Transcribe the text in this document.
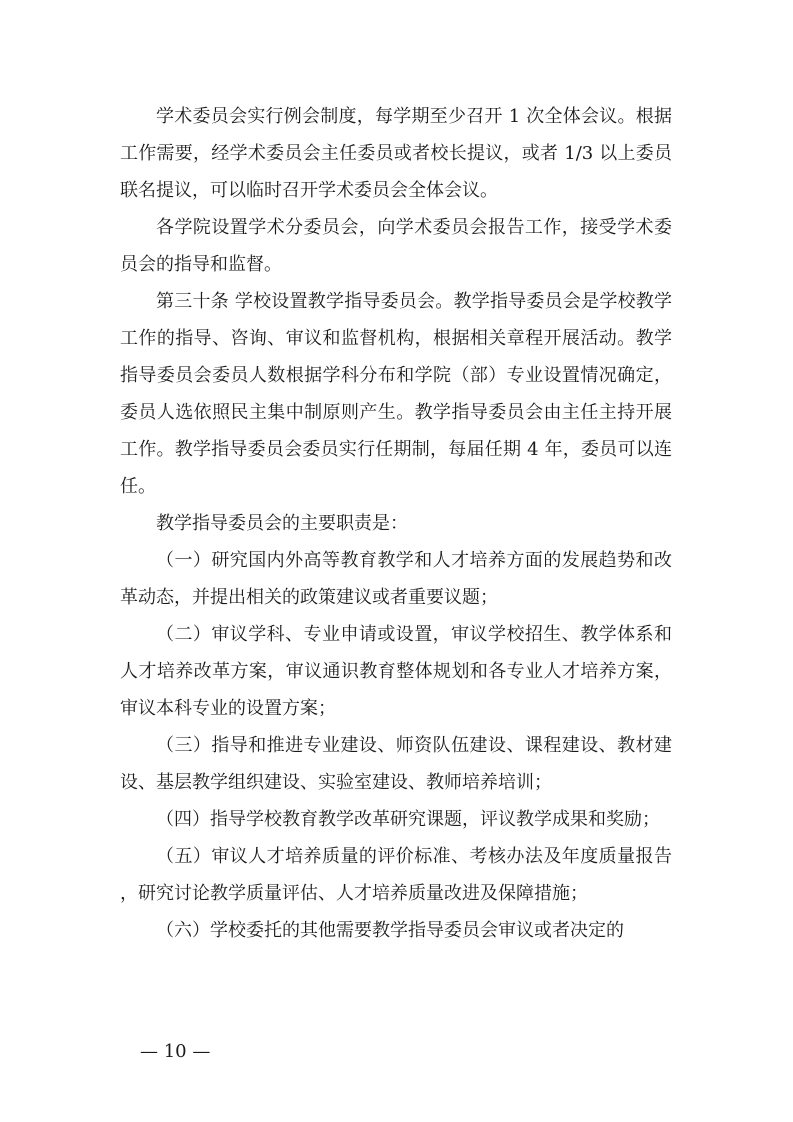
学术委员会实行例会制度，每学期至少召开 1 次全体会议。根据工作需要，经学术委员会主任委员或者校长提议，或者 1/3 以上委员联名提议，可以临时召开学术委员会全体会议。

各学院设置学术分委员会，向学术委员会报告工作，接受学术委员会的指导和监督。

第三十条 学校设置教学指导委员会。教学指导委员会是学校教学工作的指导、咨询、审议和监督机构，根据相关章程开展活动。教学指导委员会委员人数根据学科分布和学院（部）专业设置情况确定，委员人选依照民主集中制原则产生。教学指导委员会由主任主持开展工作。教学指导委员会委员实行任期制，每届任期 4 年，委员可以连任。

教学指导委员会的主要职责是：

（一）研究国内外高等教育教学和人才培养方面的发展趋势和改革动态，并提出相关的政策建议或者重要议题；

（二）审议学科、专业申请或设置，审议学校招生、教学体系和人才培养改革方案，审议通识教育整体规划和各专业人才培养方案，审议本科专业的设置方案；

（三）指导和推进专业建设、师资队伍建设、课程建设、教材建设、基层教学组织建设、实验室建设、教师培养培训；

（四）指导学校教育教学改革研究课题，评议教学成果和奖励；

（五）审议人才培养质量的评价标准、考核办法及年度质量报告，研究讨论教学质量评估、人才培养质量改进及保障措施；

（六）学校委托的其他需要教学指导委员会审议或者决定的

— 10 —
